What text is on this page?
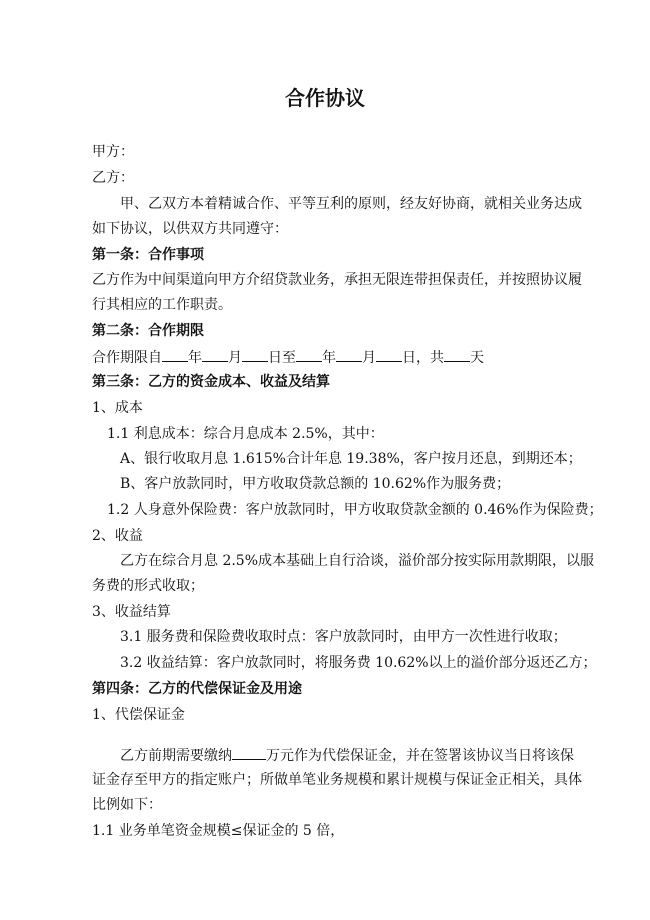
合作协议
甲方：
乙方：
甲、乙双方本着精诚合作、平等互利的原则，经友好协商，就相关业务达成
如下协议，以供双方共同遵守：
第一条：合作事项
乙方作为中间渠道向甲方介绍贷款业务，承担无限连带担保责任，并按照协议履
行其相应的工作职责。
第二条：合作期限
合作期限自 年 月 日至 年 月 日，共 天
第三条：乙方的资金成本、收益及结算
1、成本
1.1 利息成本：综合月息成本 2.5%，其中：
A、银行收取月息 1.615%合计年息 19.38%，客户按月还息，到期还本；
B、客户放款同时，甲方收取贷款总额的 10.62%作为服务费；
1.2 人身意外保险费：客户放款同时，甲方收取贷款金额的 0.46%作为保险费；
2、收益
乙方在综合月息 2.5%成本基础上自行洽谈，溢价部分按实际用款期限，以服
务费的形式收取；
3、收益结算
3.1 服务费和保险费收取时点：客户放款同时，由甲方一次性进行收取；
3.2 收益结算：客户放款同时，将服务费 10.62%以上的溢价部分返还乙方；
第四条：乙方的代偿保证金及用途
1、代偿保证金
乙方前期需要缴纳 万元作为代偿保证金，并在签署该协议当日将该保
证金存至甲方的指定账户；所做单笔业务规模和累计规模与保证金正相关，具体
比例如下：
1.1 业务单笔资金规模≤保证金的 5 倍，
